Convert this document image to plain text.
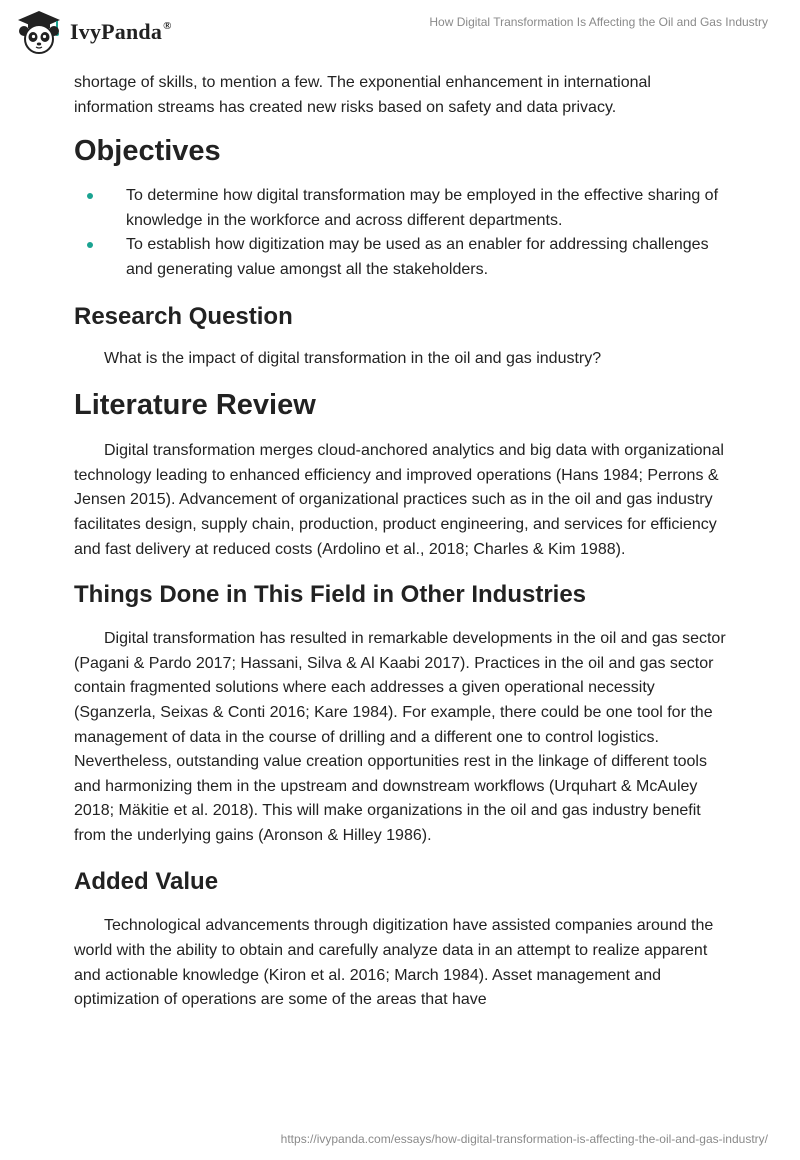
IvyPanda®	How Digital Transformation Is Affecting the Oil and Gas Industry

shortage of skills, to mention a few. The exponential enhancement in international information streams has created new risks based on safety and data privacy.

Objectives
To determine how digital transformation may be employed in the effective sharing of knowledge in the workforce and across different departments.
To establish how digitization may be used as an enabler for addressing challenges and generating value amongst all the stakeholders.
Research Question

What is the impact of digital transformation in the oil and gas industry?

Literature Review

Digital transformation merges cloud-anchored analytics and big data with organizational technology leading to enhanced efficiency and improved operations (Hans 1984; Perrons & Jensen 2015). Advancement of organizational practices such as in the oil and gas industry facilitates design, supply chain, production, product engineering, and services for efficiency and fast delivery at reduced costs (Ardolino et al., 2018; Charles & Kim 1988).

Things Done in This Field in Other Industries

Digital transformation has resulted in remarkable developments in the oil and gas sector (Pagani & Pardo 2017; Hassani, Silva & Al Kaabi 2017). Practices in the oil and gas sector contain fragmented solutions where each addresses a given operational necessity (Sganzerla, Seixas & Conti 2016; Kare 1984). For example, there could be one tool for the management of data in the course of drilling and a different one to control logistics. Nevertheless, outstanding value creation opportunities rest in the linkage of different tools and harmonizing them in the upstream and downstream workflows (Urquhart & McAuley 2018; Mäkitie et al. 2018). This will make organizations in the oil and gas industry benefit from the underlying gains (Aronson & Hilley 1986).

Added Value

Technological advancements through digitization have assisted companies around the world with the ability to obtain and carefully analyze data in an attempt to realize apparent and actionable knowledge (Kiron et al. 2016; March 1984). Asset management and optimization of operations are some of the areas that have

https://ivypanda.com/essays/how-digital-transformation-is-affecting-the-oil-and-gas-industry/
